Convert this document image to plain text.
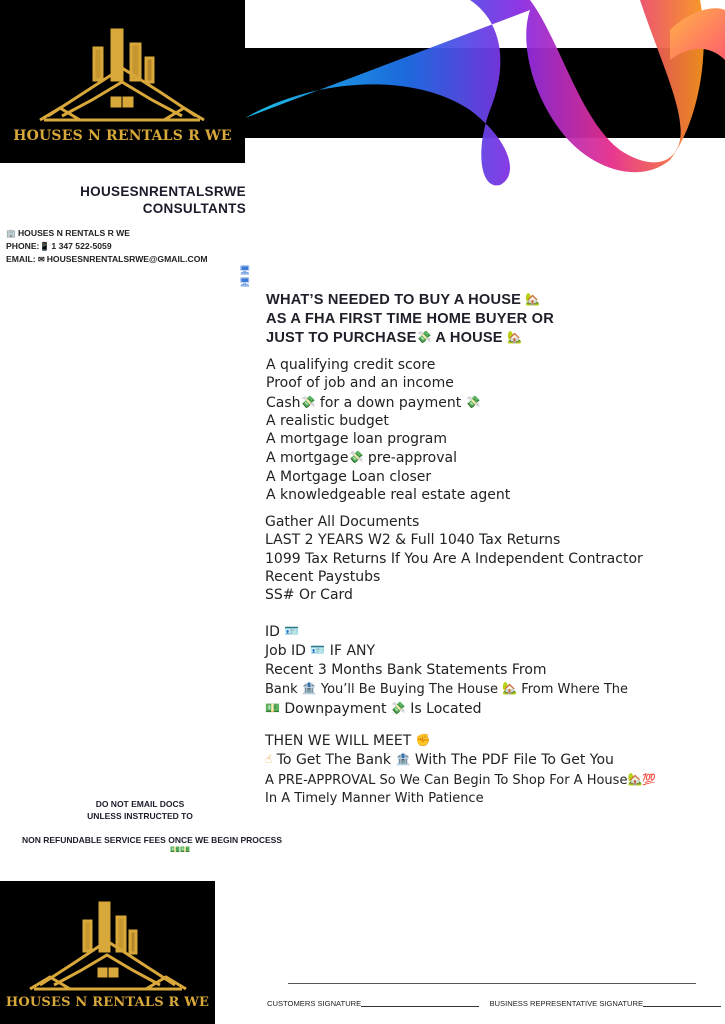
HOUSES N RENTALS R WE
HOUSESNRENTALSRWE
CONSULTANTS
🏢 HOUSES N RENTALS R WE
PHONE:📱 1 347 522-5059
EMAIL: ✉ HOUSESNRENTALSRWE@GMAIL.COM
🖥
🖥
WHAT’S NEEDED TO BUY A HOUSE 🏡
AS A FHA FIRST TIME HOME BUYER OR
JUST TO PURCHASE💸 A HOUSE 🏡
A qualifying credit score
Proof of job and an income
Cash💸 for a down payment 💸
A realistic budget
A mortgage loan program
A mortgage💸 pre-approval
A Mortgage Loan closer
A knowledgeable real estate agent
Gather All Documents
LAST 2 YEARS W2 & Full 1040 Tax Returns
1099 Tax Returns If You Are A Independent Contractor
Recent Paystubs
SS# Or Card
ID 🪪
Job ID 🪪 IF ANY
Recent 3 Months Bank Statements From
Bank 🏦 You’ll Be Buying The House 🏡 From Where The
💵 Downpayment 💸 Is Located
THEN WE WILL MEET ✊
☝ To Get The Bank 🏦 With The PDF File To Get You
A PRE-APPROVAL So We Can Begin To Shop For A House🏡💯
In A Timely Manner With Patience
DO NOT EMAIL DOCS
UNLESS INSTRUCTED TO
NON REFUNDABLE SERVICE FEES ONCE WE BEGIN PROCESS
💵💵
HOUSES N RENTALS R WE	CUSTOMERS SIGNATURE	BUSINESS REPRESENTATIVE SIGNATURE
